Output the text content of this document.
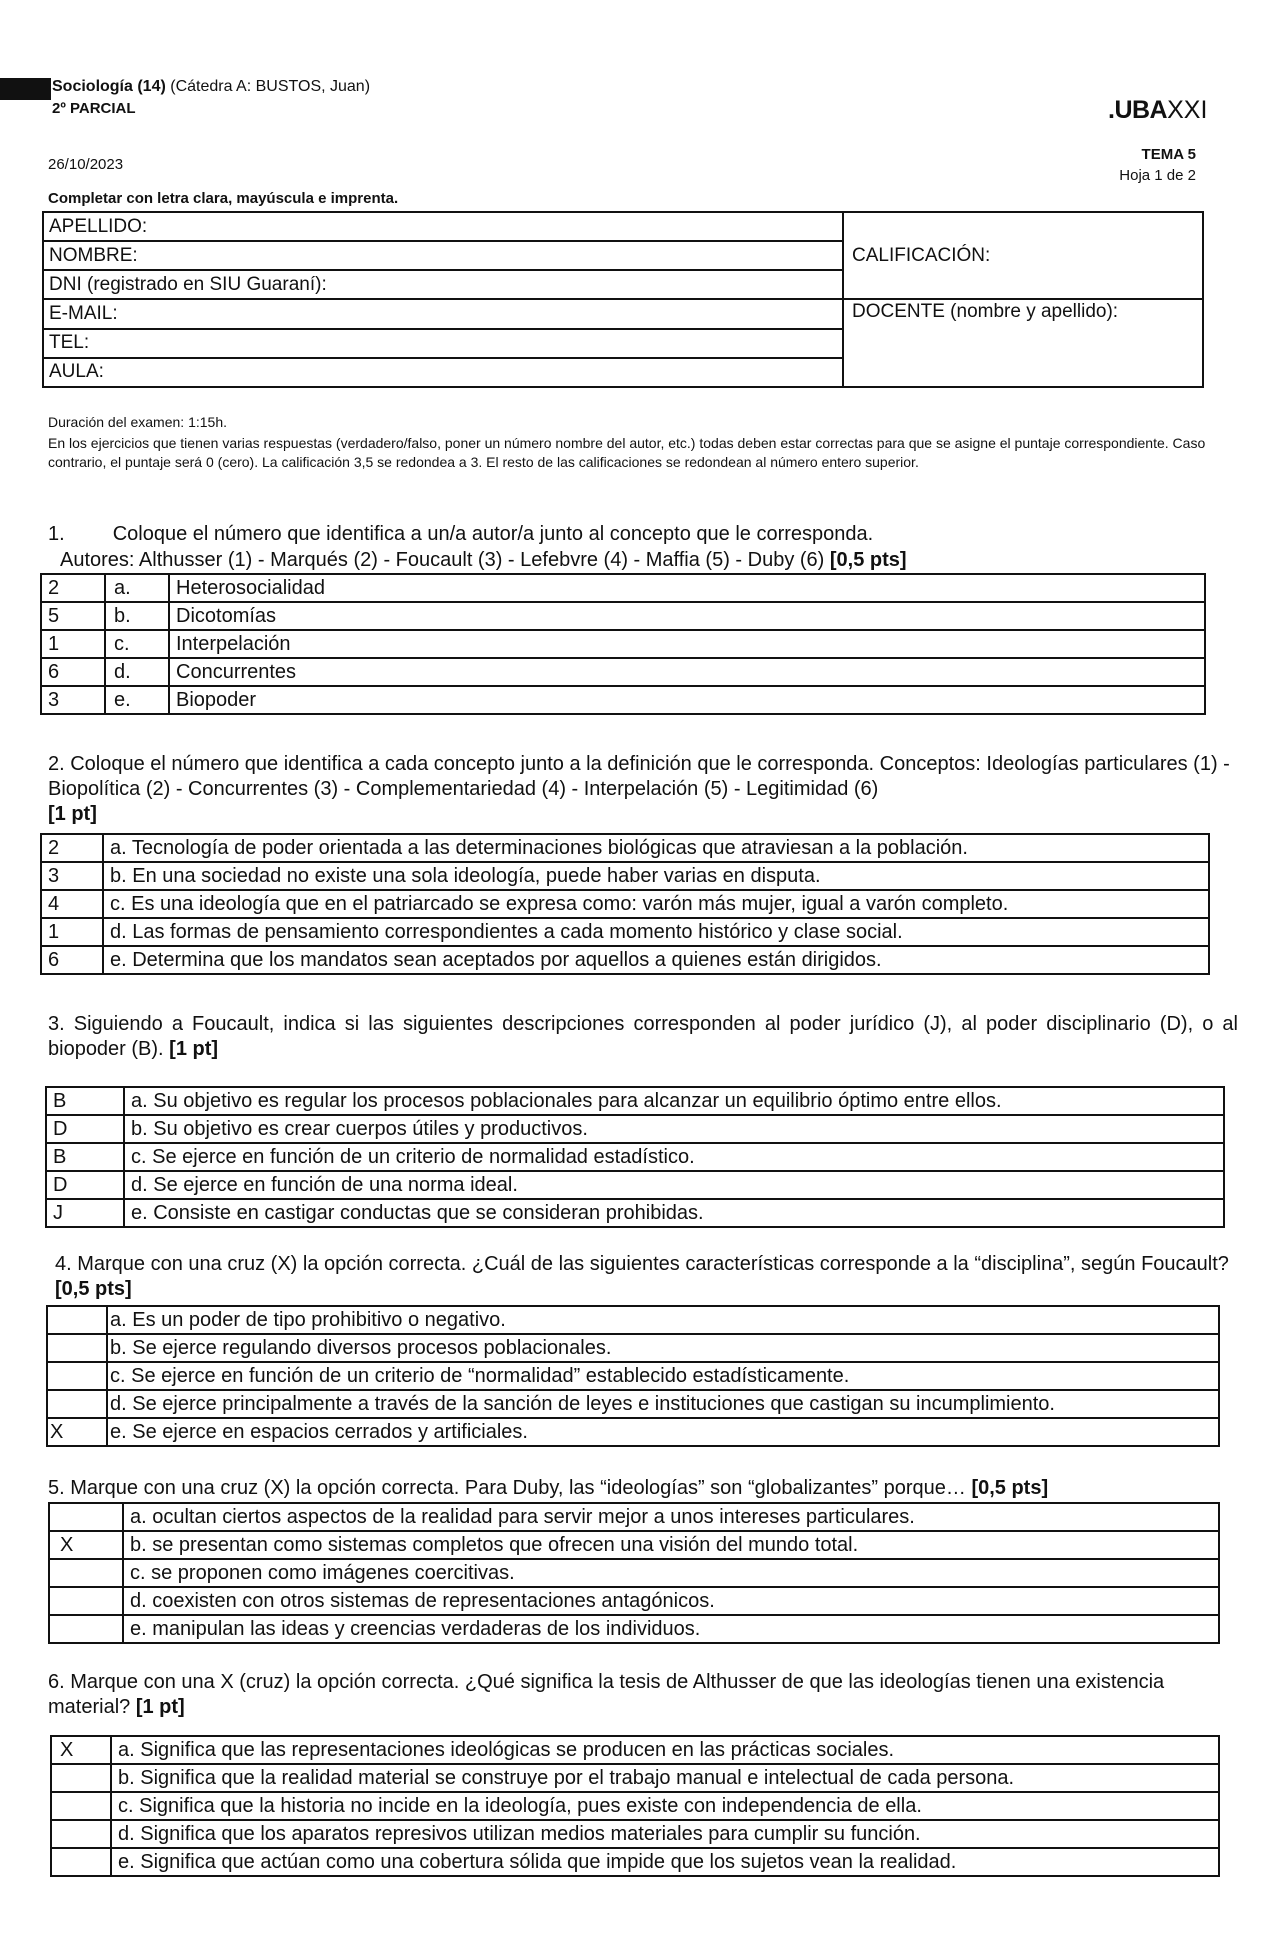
Sociología (14) (Cátedra A: BUSTOS, Juan)
2º PARCIAL	.UBAXXI
26/10/2023
TEMA 5
Hoja 1 de 2
Completar con letra clara, mayúscula e imprenta.
APELLIDO:	CALIFICACIÓN:
NOMBRE:	
DNI (registrado en SIU Guaraní):	
E-MAIL:	DOCENTE (nombre y apellido):
TEL:	
AULA:	
Duración del examen: 1:15h.
En los ejercicios que tienen varias respuestas (verdadero/falso, poner un número nombre del autor, etc.) todas deben estar correctas para que se asigne el puntaje correspondiente. Caso contrario, el puntaje será 0 (cero). La calificación 3,5 se redondea a 3. El resto de las calificaciones se redondean al número entero superior.
1. Coloque el número que identifica a un/a autor/a junto al concepto que le corresponda.
Autores: Althusser (1) - Marqués (2) - Foucault (3) - Lefebvre (4) - Maffia (5) - Duby (6) [0,5 pts]
2	a.	Heterosocialidad
5	b.	Dicotomías
1	c.	Interpelación
6	d.	Concurrentes
3	e.	Biopoder
2. Coloque el número que identifica a cada concepto junto a la definición que le corresponda. Conceptos: Ideologías particulares (1) - Biopolítica (2) - Concurrentes (3) - Complementariedad (4) - Interpelación (5) - Legitimidad (6)
[1 pt]
2	a. Tecnología de poder orientada a las determinaciones biológicas que atraviesan a la población.
3	b. En una sociedad no existe una sola ideología, puede haber varias en disputa.
4	c. Es una ideología que en el patriarcado se expresa como: varón más mujer, igual a varón completo.
1	d. Las formas de pensamiento correspondientes a cada momento histórico y clase social.
6	e. Determina que los mandatos sean aceptados por aquellos a quienes están dirigidos.
3. Siguiendo a Foucault, indica si las siguientes descripciones corresponden al poder jurídico (J), al poder disciplinario (D), o al biopoder (B). [1 pt]
B	a. Su objetivo es regular los procesos poblacionales para alcanzar un equilibrio óptimo entre ellos.
D	b. Su objetivo es crear cuerpos útiles y productivos.
B	c. Se ejerce en función de un criterio de normalidad estadístico.
D	d. Se ejerce en función de una norma ideal.
J	e. Consiste en castigar conductas que se consideran prohibidas.
4. Marque con una cruz (X) la opción correcta. ¿Cuál de las siguientes características corresponde a la “disciplina”, según Foucault? [0,5 pts]
	a. Es un poder de tipo prohibitivo o negativo.
	b. Se ejerce regulando diversos procesos poblacionales.
	c. Se ejerce en función de un criterio de “normalidad” establecido estadísticamente.
	d. Se ejerce principalmente a través de la sanción de leyes e instituciones que castigan su incumplimiento.
X	e. Se ejerce en espacios cerrados y artificiales.
5. Marque con una cruz (X) la opción correcta. Para Duby, las “ideologías” son “globalizantes” porque… [0,5 pts]
	a. ocultan ciertos aspectos de la realidad para servir mejor a unos intereses particulares.
X	b. se presentan como sistemas completos que ofrecen una visión del mundo total.
	c. se proponen como imágenes coercitivas.
	d. coexisten con otros sistemas de representaciones antagónicos.
	e. manipulan las ideas y creencias verdaderas de los individuos.
6. Marque con una X (cruz) la opción correcta. ¿Qué significa la tesis de Althusser de que las ideologías tienen una existencia material? [1 pt]
X	a. Significa que las representaciones ideológicas se producen en las prácticas sociales.
	b. Significa que la realidad material se construye por el trabajo manual e intelectual de cada persona.
	c. Significa que la historia no incide en la ideología, pues existe con independencia de ella.
	d. Significa que los aparatos represivos utilizan medios materiales para cumplir su función.
	e. Significa que actúan como una cobertura sólida que impide que los sujetos vean la realidad.
